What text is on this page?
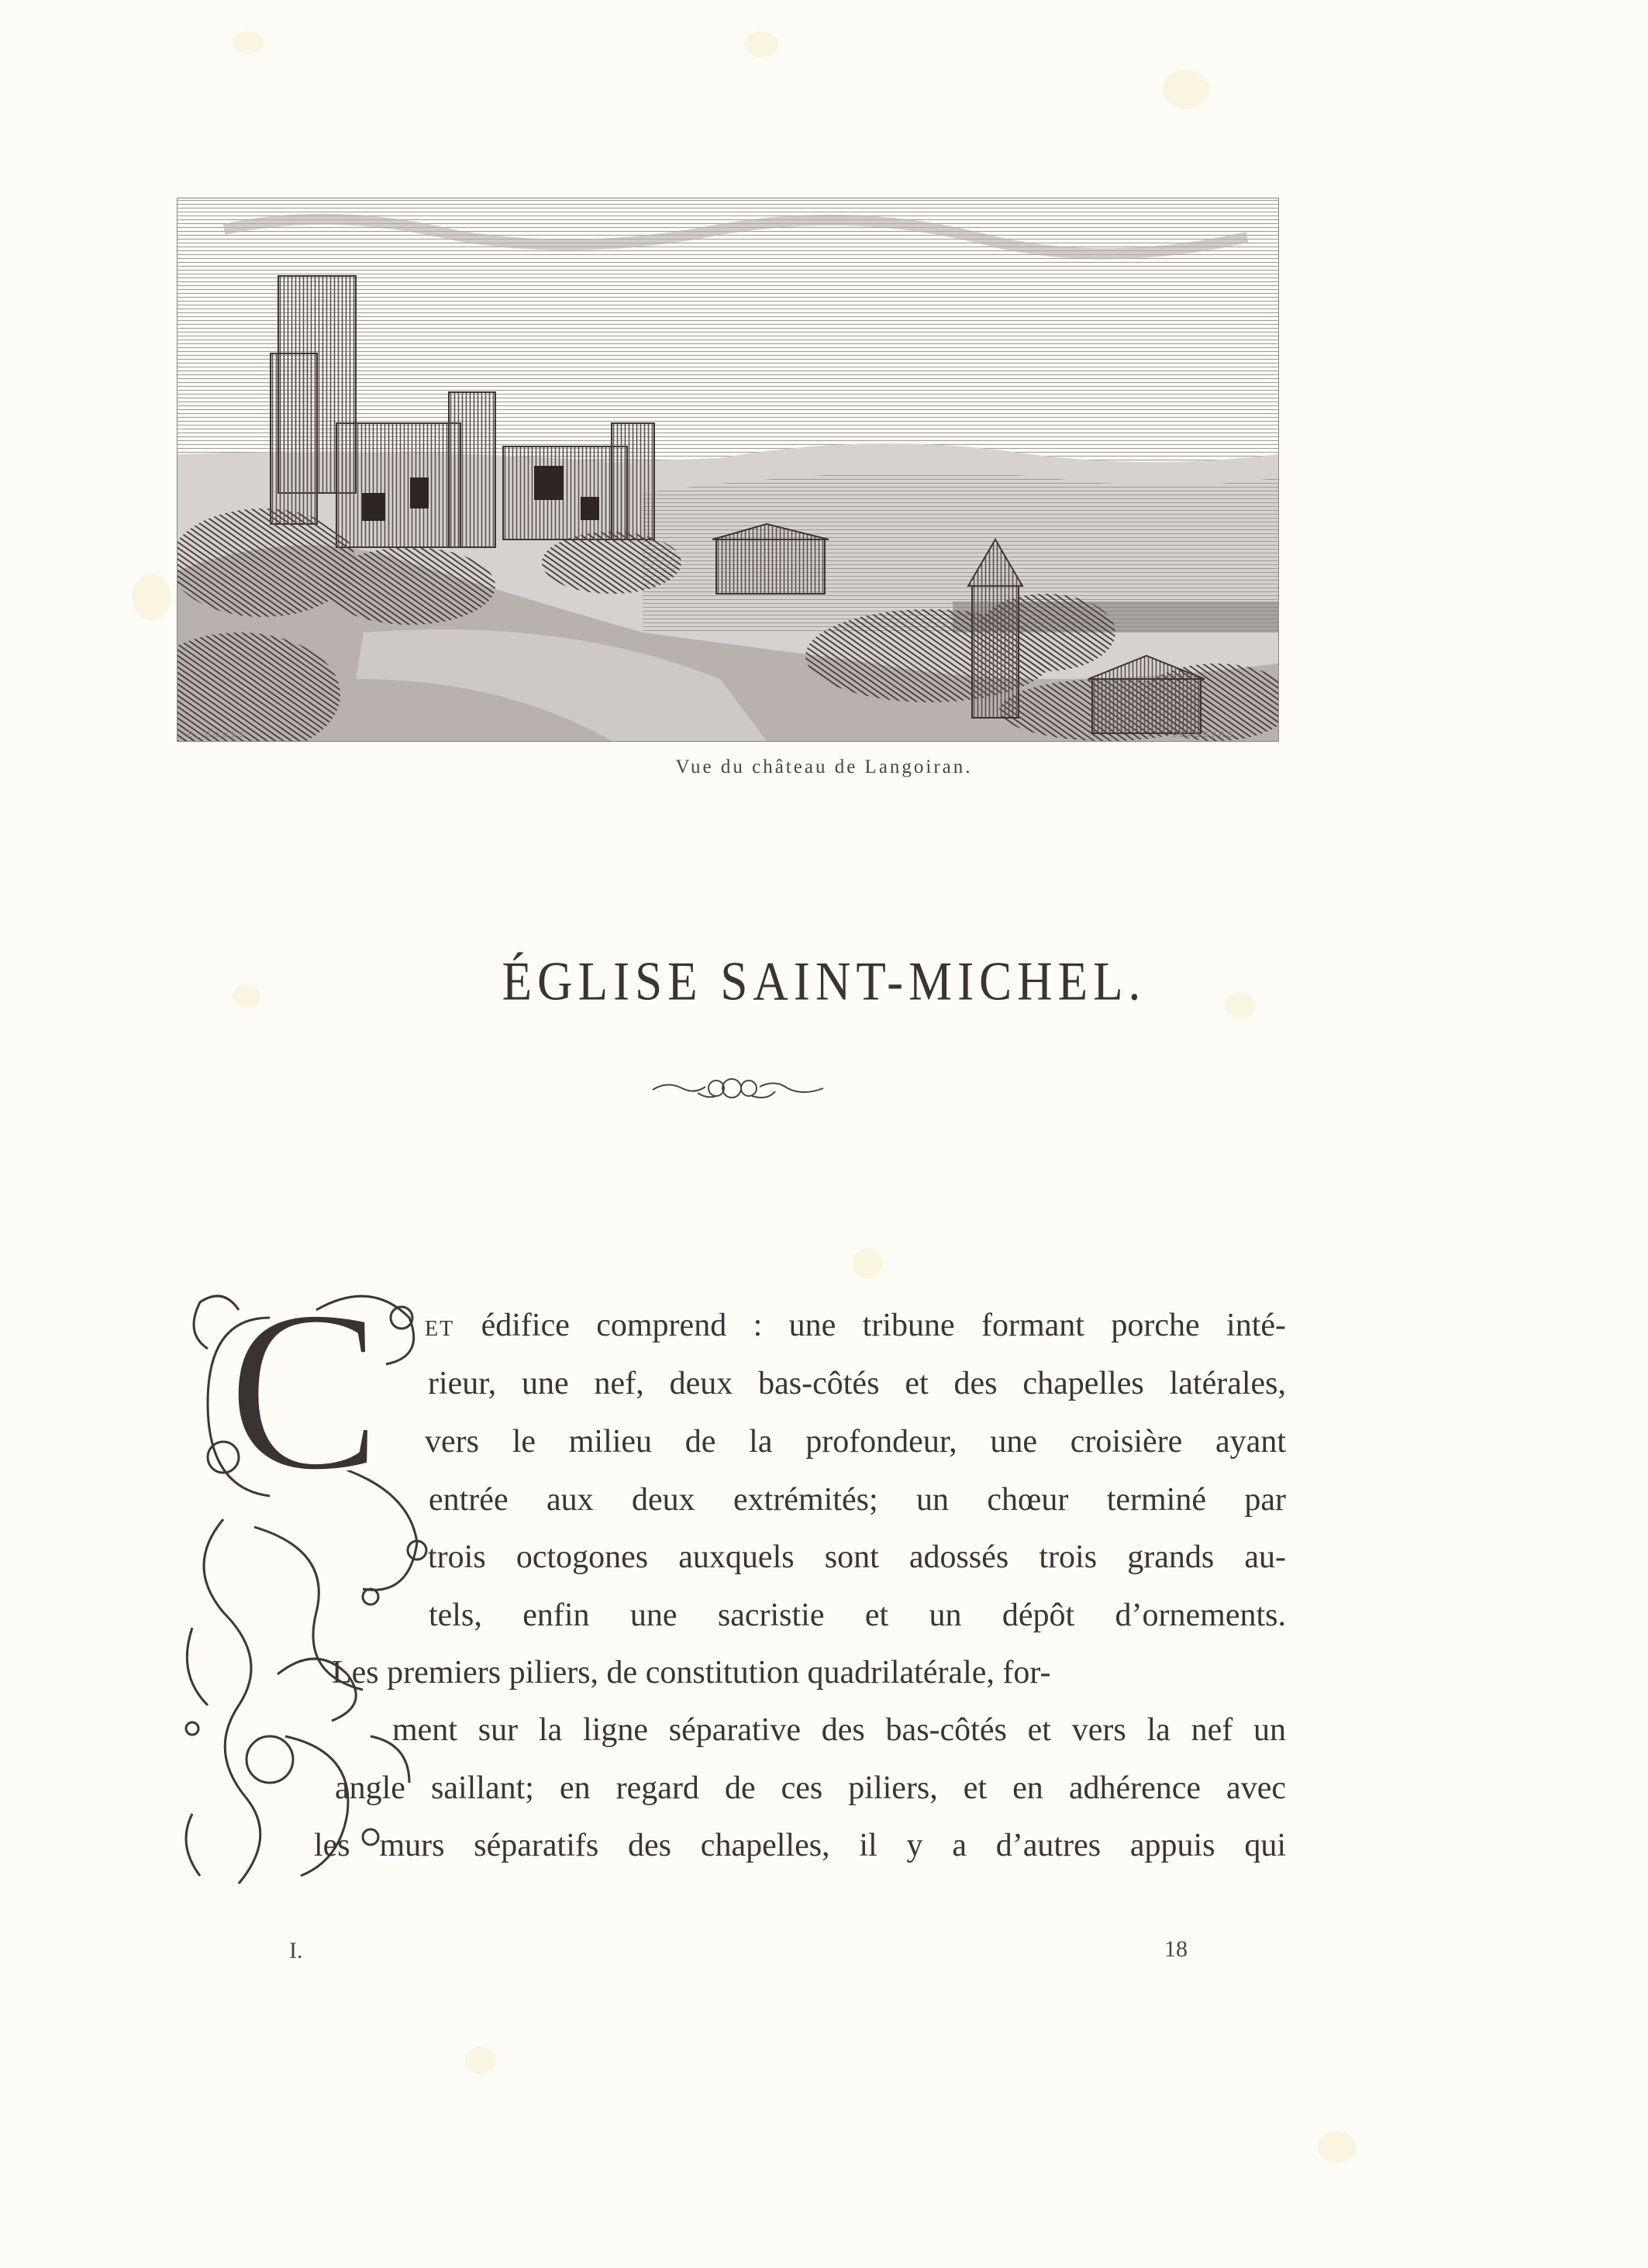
E. BOUSS	LEFEBVRE
Vue du château de Langoiran.
ÉGLISE SAINT-MICHEL.
C ET édifice comprend : une tribune formant porche inté-
rieur, une nef, deux bas-côtés et des chapelles latérales,
vers le milieu de la profondeur, une croisière ayant
entrée aux deux extrémités; un chœur terminé par
trois octogones auxquels sont adossés trois grands au-
tels, enfin une sacristie et un dépôt d’ornements.
Les premiers piliers, de constitution quadrilatérale, for-
ment sur la ligne séparative des bas-côtés et vers la nef un
angle saillant; en regard de ces piliers, et en adhérence avec
les murs séparatifs des chapelles, il y a d’autres appuis qui
I.	18
